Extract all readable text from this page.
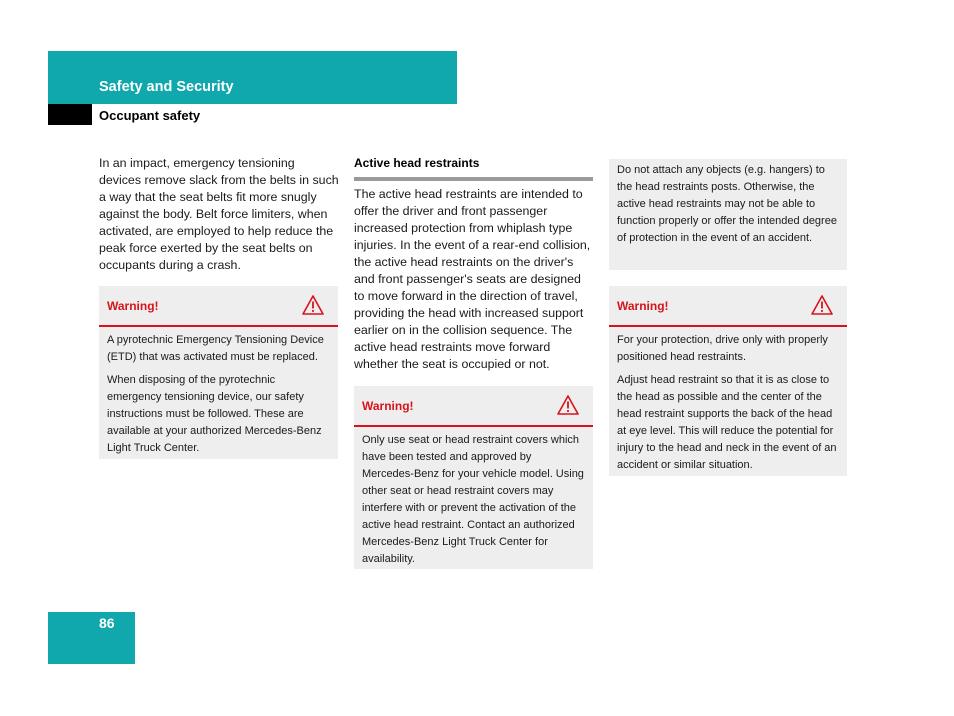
Safety and Security
Occupant safety
In an impact, emergency tensioning devices remove slack from the belts in such a way that the seat belts fit more snugly against the body. Belt force limiters, when activated, are employed to help reduce the peak force exerted by the seat belts on occupants during a crash.
Warning!

A pyrotechnic Emergency Tensioning Device (ETD) that was activated must be replaced.

When disposing of the pyrotechnic emergency tensioning device, our safety instructions must be followed. These are available at your authorized Mercedes-Benz Light Truck Center.

Active head restraints
The active head restraints are intended to offer the driver and front passenger increased protection from whiplash type injuries. In the event of a rear-end collision, the active head restraints on the driver's and front passenger's seats are designed to move forward in the direction of travel, providing the head with increased support earlier on in the collision sequence. The active head restraints move forward whether the seat is occupied or not.
Warning!

Only use seat or head restraint covers which have been tested and approved by Mercedes-Benz for your vehicle model. Using other seat or head restraint covers may interfere with or prevent the activation of the active head restraint. Contact an authorized Mercedes-Benz Light Truck Center for availability.

Do not attach any objects (e.g. hangers) to the head restraints posts. Otherwise, the active head restraints may not be able to function properly or offer the intended degree of protection in the event of an accident.

Warning!

For your protection, drive only with properly positioned head restraints.

Adjust head restraint so that it is as close to the head as possible and the center of the head restraint supports the back of the head at eye level. This will reduce the potential for injury to the head and neck in the event of an accident or similar situation.

86
